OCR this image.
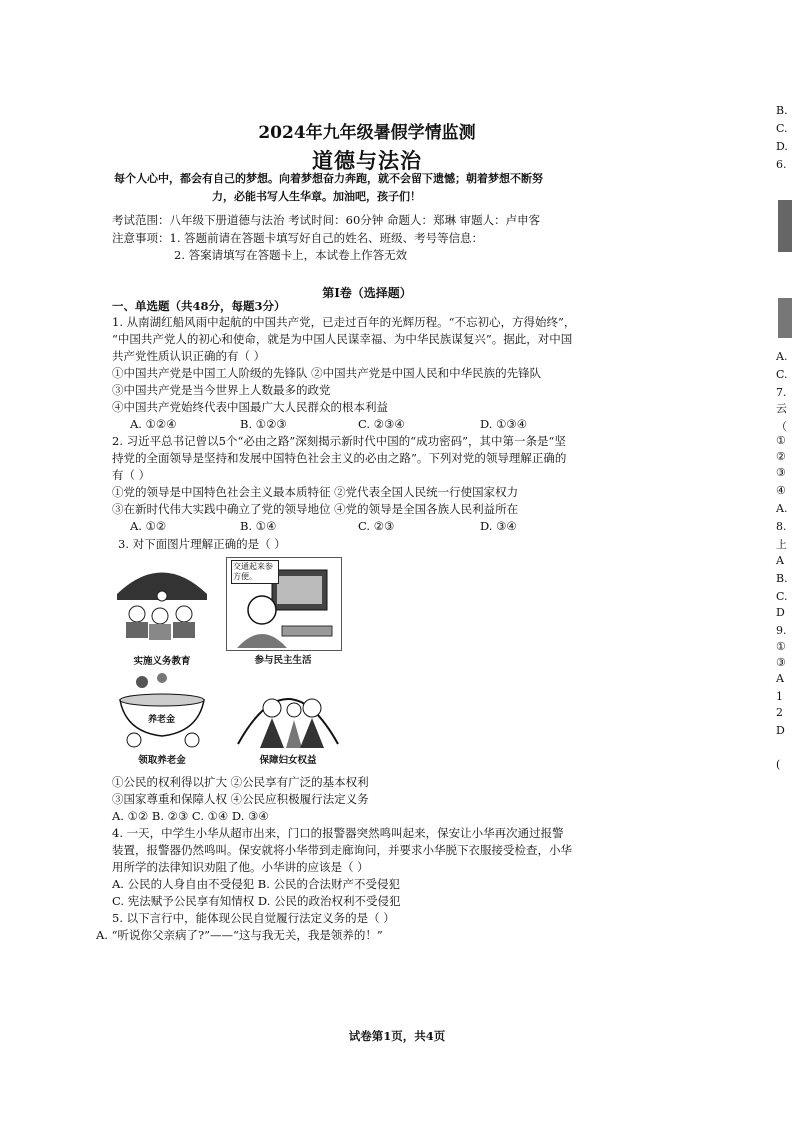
2024年九年级暑假学情监测
道德与法治
每个人心中，都会有自己的梦想。向着梦想奋力奔跑，就不会留下遗憾；朝着梦想不断努
力，必能书写人生华章。加油吧，孩子们！
考试范围：八年级下册道德与法治 考试时间：60分钟 命题人：郑琳 审题人：卢申客
注意事项：1. 答题前请在答题卡填写好自己的姓名、班级、考号等信息：
2. 答案请填写在答题卡上，本试卷上作答无效
第Ⅰ卷（选择题）
一、单选题（共48分，每题3分）
1. 从南湖红船风雨中起航的中国共产党，已走过百年的光辉历程。“不忘初心，方得始终”，
“中国共产党人的初心和使命，就是为中国人民谋幸福、为中华民族谋复兴”。据此，对中国
共产党性质认识正确的有（ ）
①中国共产党是中国工人阶级的先锋队 ②中国共产党是中国人民和中华民族的先锋队
③中国共产党是当今世界上人数最多的政党
④中国共产党始终代表中国最广大人民群众的根本利益
A. ①②④	B. ①②③	C. ②③④	D. ①③④
2. 习近平总书记曾以5个“必由之路”深刻揭示新时代中国的“成功密码”，其中第一条是“坚
持党的全面领导是坚持和发展中国特色社会主义的必由之路”。下列对党的领导理解正确的
有（ ）
①党的领导是中国特色社会主义最本质特征 ②党代表全国人民统一行使国家权力
③在新时代伟大实践中确立了党的领导地位 ④党的领导是全国各族人民利益所在
A. ①②	B. ①④	C. ②③	D. ③④
3. 对下面图片理解正确的是（ ）
实施义务教育
交通起来参方便。
参与民主生活
养老金
领取养老金	保障妇女权益
①公民的权利得以扩大 ②公民享有广泛的基本权利
③国家尊重和保障人权 ④公民应积极履行法定义务
A. ①② B. ②③ C. ①④ D. ③④
4. 一天，中学生小华从超市出来，门口的报警器突然鸣叫起来，保安让小华再次通过报警
装置，报警器仍然鸣叫。保安就将小华带到走廊询问，并要求小华脱下衣服接受检查，小华
用所学的法律知识劝阻了他。小华讲的应该是（ ）
A. 公民的人身自由不受侵犯 B. 公民的合法财产不受侵犯
C. 宪法赋予公民享有知情权 D. 公民的政治权利不受侵犯
5. 以下言行中，能体现公民自觉履行法定义务的是（ ）
A. “听说你父亲病了?”——“这与我无关，我是领养的！”
试卷第1页，共4页
B.
C.
D.
6.
A.
C.
7.
云
（
①
②
③
④
A.
8.
上
A
B.
C.
D
9.
①
③
A
1
2
D
(
